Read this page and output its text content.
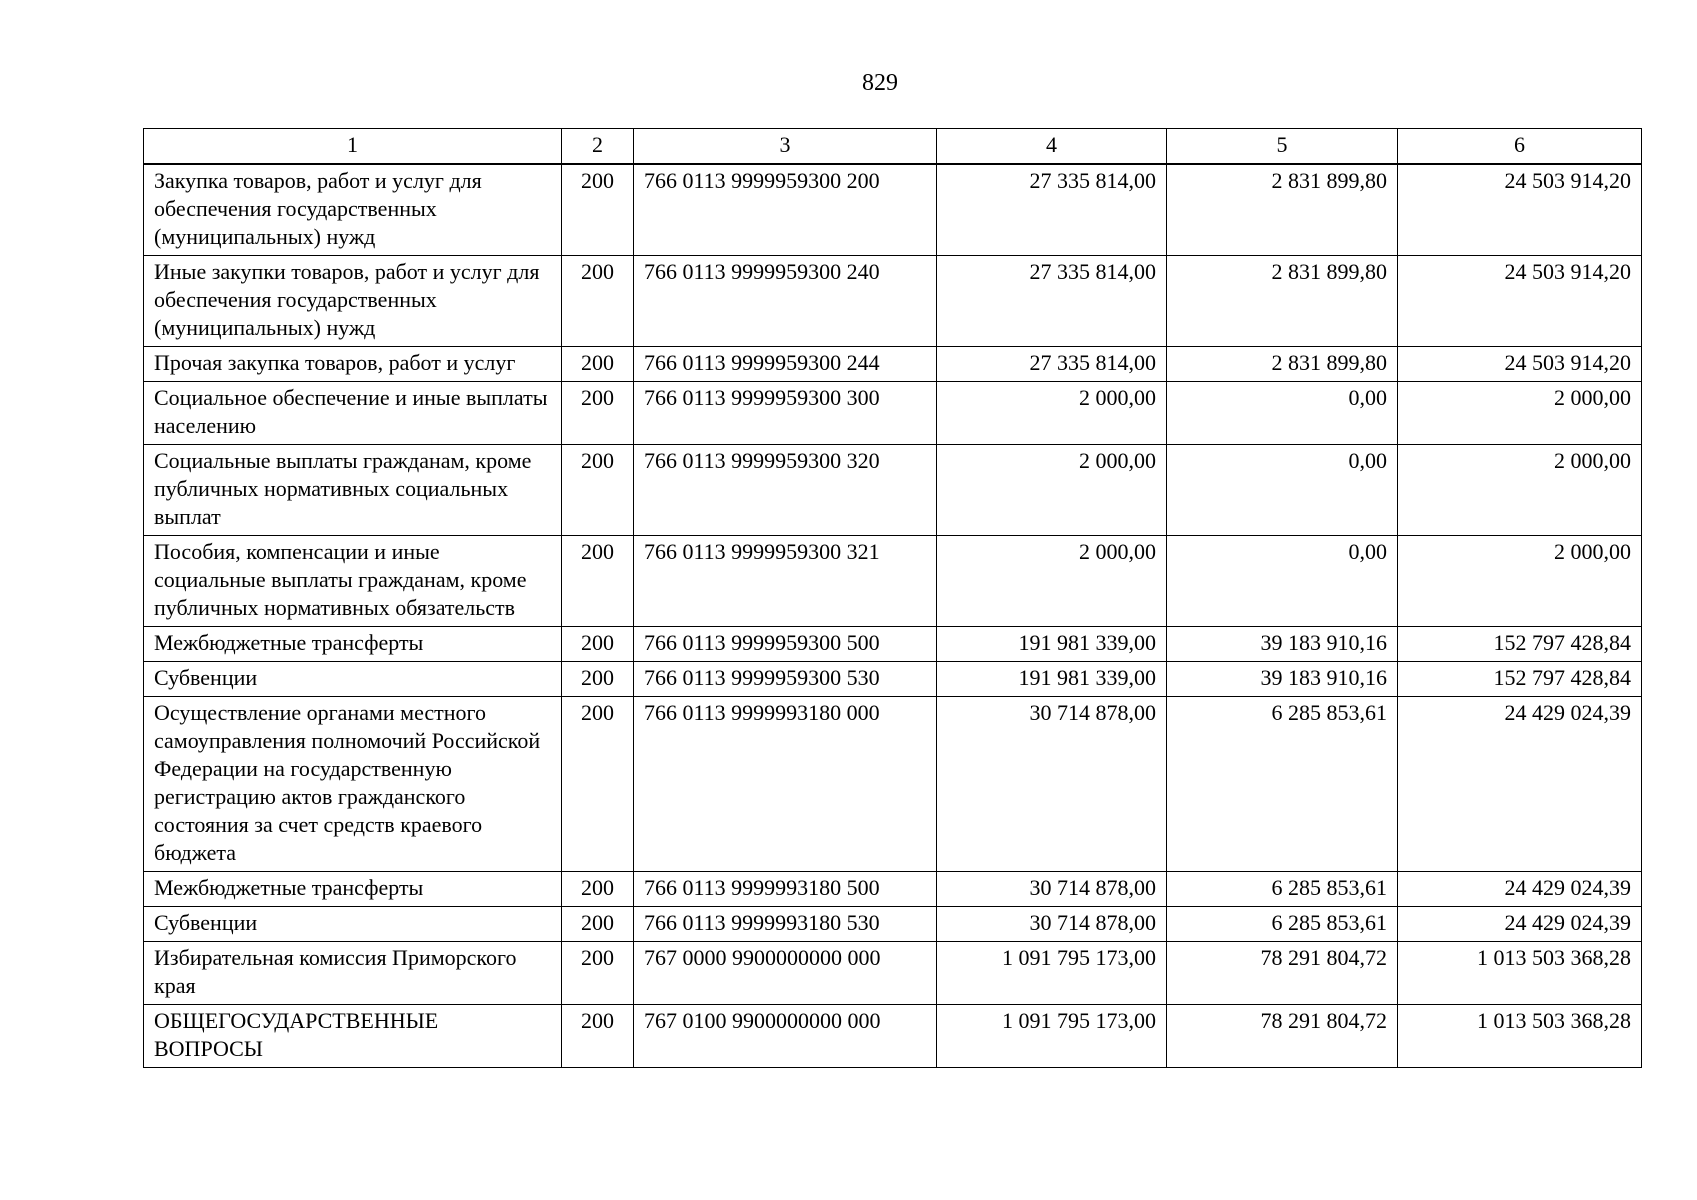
829
1	2	3	4	5	6
Закупка товаров, работ и услуг для обеспечения государственных (муниципальных) нужд	200	766 0113 9999959300 200	27 335 814,00	2 831 899,80	24 503 914,20
Иные закупки товаров, работ и услуг для обеспечения государственных (муниципальных) нужд	200	766 0113 9999959300 240	27 335 814,00	2 831 899,80	24 503 914,20
Прочая закупка товаров, работ и услуг	200	766 0113 9999959300 244	27 335 814,00	2 831 899,80	24 503 914,20
Социальное обеспечение и иные выплаты населению	200	766 0113 9999959300 300	2 000,00	0,00	2 000,00
Социальные выплаты гражданам, кроме публичных нормативных социальных выплат	200	766 0113 9999959300 320	2 000,00	0,00	2 000,00
Пособия, компенсации и иные социальные выплаты гражданам, кроме публичных нормативных обязательств	200	766 0113 9999959300 321	2 000,00	0,00	2 000,00
Межбюджетные трансферты	200	766 0113 9999959300 500	191 981 339,00	39 183 910,16	152 797 428,84
Субвенции	200	766 0113 9999959300 530	191 981 339,00	39 183 910,16	152 797 428,84
Осуществление органами местного самоуправления полномочий Российской Федерации на государственную регистрацию актов гражданского состояния за счет средств краевого бюджета	200	766 0113 9999993180 000	30 714 878,00	6 285 853,61	24 429 024,39
Межбюджетные трансферты	200	766 0113 9999993180 500	30 714 878,00	6 285 853,61	24 429 024,39
Субвенции	200	766 0113 9999993180 530	30 714 878,00	6 285 853,61	24 429 024,39
Избирательная комиссия Приморского края	200	767 0000 9900000000 000	1 091 795 173,00	78 291 804,72	1 013 503 368,28
ОБЩЕГОСУДАРСТВЕННЫЕ ВОПРОСЫ	200	767 0100 9900000000 000	1 091 795 173,00	78 291 804,72	1 013 503 368,28
